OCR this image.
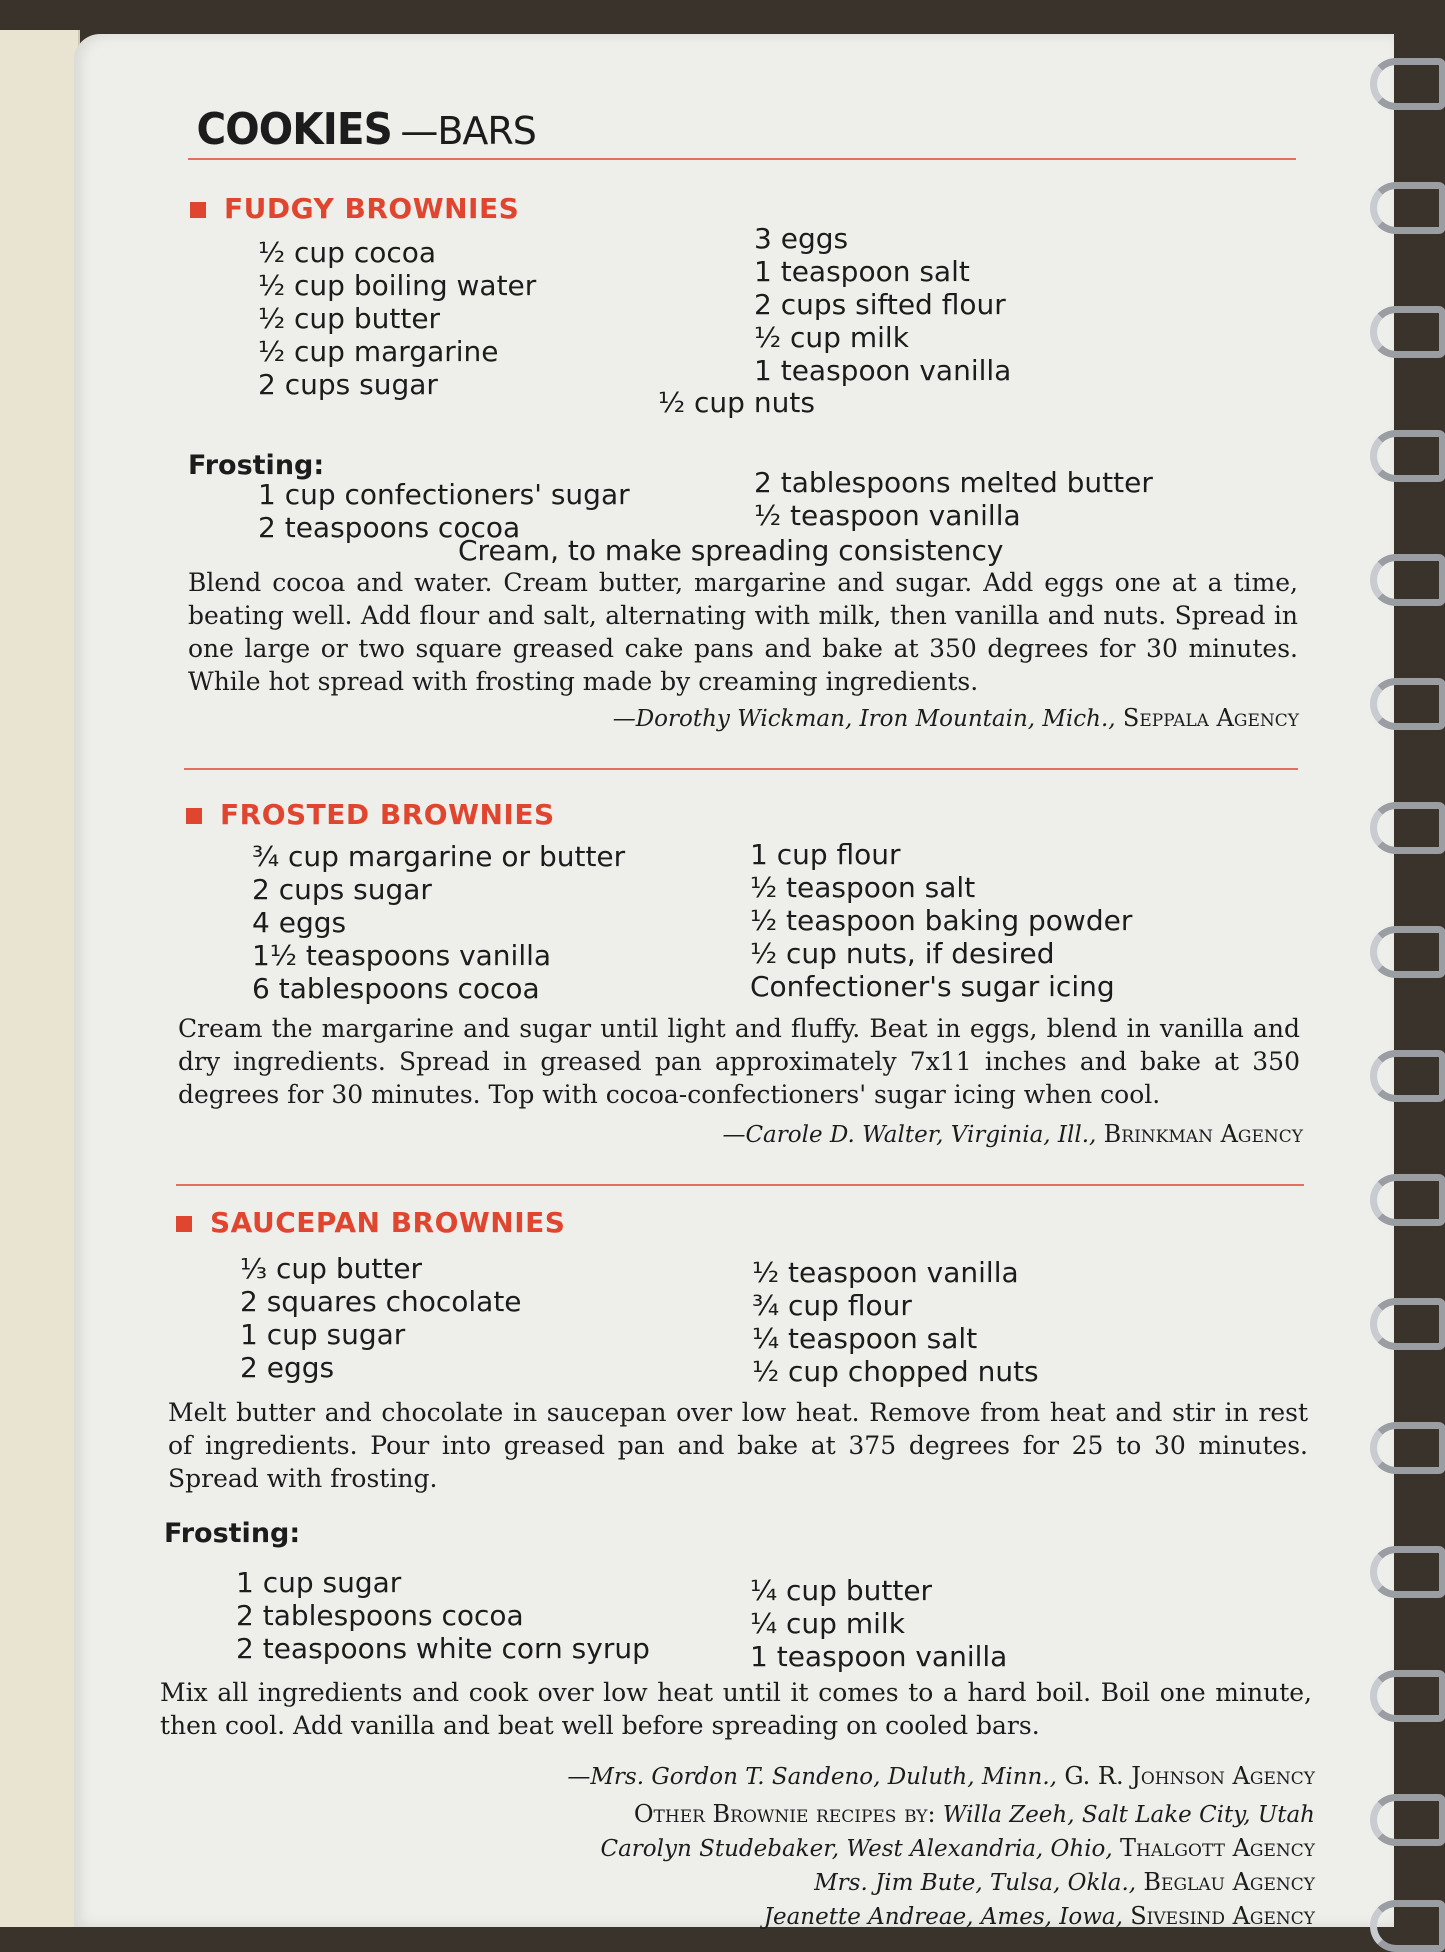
COOKIES —BARS
FUDGY BROWNIES
½ cup cocoa
½ cup boiling water
½ cup butter
½ cup margarine
2 cups sugar
3 eggs
1 teaspoon salt
2 cups sifted flour
½ cup milk
1 teaspoon vanilla
½ cup nuts
Frosting:
1 cup confectioners' sugar
2 teaspoons cocoa
2 tablespoons melted butter
½ teaspoon vanilla
Cream, to make spreading consistency
Blend cocoa and water. Cream butter, margarine and sugar. Add eggs one at a time, beating well. Add flour and salt, alternating with milk, then vanilla and nuts. Spread in one large or two square greased cake pans and bake at 350 degrees for 30 minutes. While hot spread with frosting made by creaming ingredients.
—Dorothy Wickman, Iron Mountain, Mich., Seppala Agency
FROSTED BROWNIES
¾ cup margarine or butter
2 cups sugar
4 eggs
1½ teaspoons vanilla
6 tablespoons cocoa
1 cup flour
½ teaspoon salt
½ teaspoon baking powder
½ cup nuts, if desired
Confectioner's sugar icing
Cream the margarine and sugar until light and fluffy. Beat in eggs, blend in vanilla and dry ingredients. Spread in greased pan approximately 7x11 inches and bake at 350 degrees for 30 minutes. Top with cocoa-confectioners' sugar icing when cool.
—Carole D. Walter, Virginia, Ill., Brinkman Agency
SAUCEPAN BROWNIES
⅓ cup butter
2 squares chocolate
1 cup sugar
2 eggs
½ teaspoon vanilla
¾ cup flour
¼ teaspoon salt
½ cup chopped nuts
Melt butter and chocolate in saucepan over low heat. Remove from heat and stir in rest of ingredients. Pour into greased pan and bake at 375 degrees for 25 to 30 minutes. Spread with frosting.
Frosting:
1 cup sugar
2 tablespoons cocoa
2 teaspoons white corn syrup
¼ cup butter
¼ cup milk
1 teaspoon vanilla
Mix all ingredients and cook over low heat until it comes to a hard boil. Boil one minute, then cool. Add vanilla and beat well before spreading on cooled bars.
—Mrs. Gordon T. Sandeno, Duluth, Minn., G. R. Johnson Agency
Other Brownie recipes by: Willa Zeeh, Salt Lake City, Utah
Carolyn Studebaker, West Alexandria, Ohio, Thalgott Agency
Mrs. Jim Bute, Tulsa, Okla., Beglau Agency
Jeanette Andreae, Ames, Iowa, Sivesind Agency
